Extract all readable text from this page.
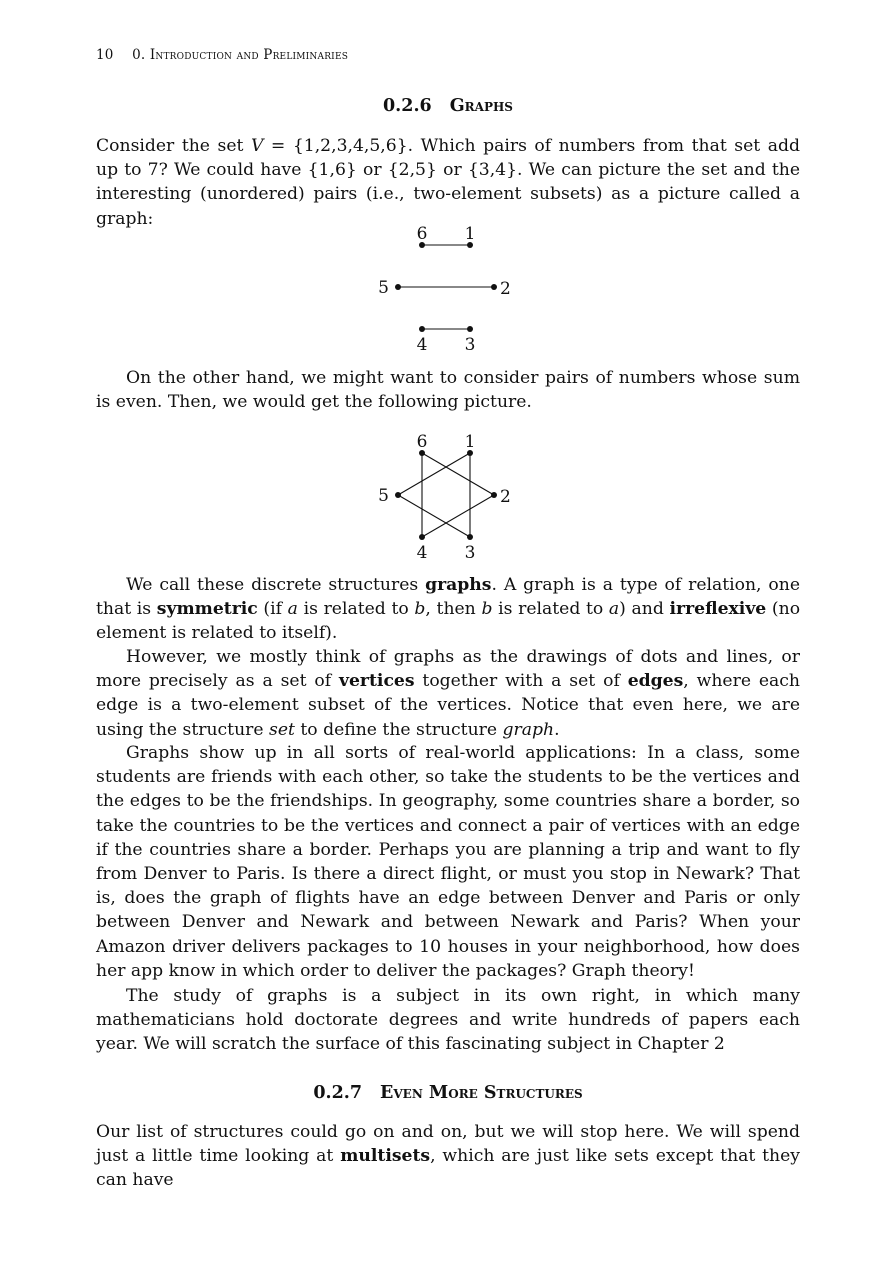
10 0. Introduction and Preliminaries
0.2.6 Graphs

Consider the set V = {1,2,3,4,5,6}. Which pairs of numbers from that set add up to 7? We could have {1,6} or {2,5} or {3,4}. We can picture the set and the interesting (unordered) pairs (i.e., two-element subsets) as a picture called a graph:

6 1
5	2
4 3

On the other hand, we might want to consider pairs of numbers whose sum is even. Then, we would get the following picture.

6 1
5	2
4 3

We call these discrete structures graphs. A graph is a type of relation, one that is symmetric (if a is related to b, then b is related to a) and irreflexive (no element is related to itself).

However, we mostly think of graphs as the drawings of dots and lines, or more precisely as a set of vertices together with a set of edges, where each edge is a two-element subset of the vertices. Notice that even here, we are using the structure set to define the structure graph.

Graphs show up in all sorts of real-world applications: In a class, some students are friends with each other, so take the students to be the vertices and the edges to be the friendships. In geography, some countries share a border, so take the countries to be the vertices and connect a pair of vertices with an edge if the countries share a border. Perhaps you are planning a trip and want to fly from Denver to Paris. Is there a direct flight, or must you stop in Newark? That is, does the graph of flights have an edge between Denver and Paris or only between Denver and Newark and between Newark and Paris? When your Amazon driver delivers packages to 10 houses in your neighborhood, how does her app know in which order to deliver the packages? Graph theory!

The study of graphs is a subject in its own right, in which many mathematicians hold doctorate degrees and write hundreds of papers each year. We will scratch the surface of this fascinating subject in Chapter 2

0.2.7 Even More Structures

Our list of structures could go on and on, but we will stop here. We will spend just a little time looking at multisets, which are just like sets except that they can have
